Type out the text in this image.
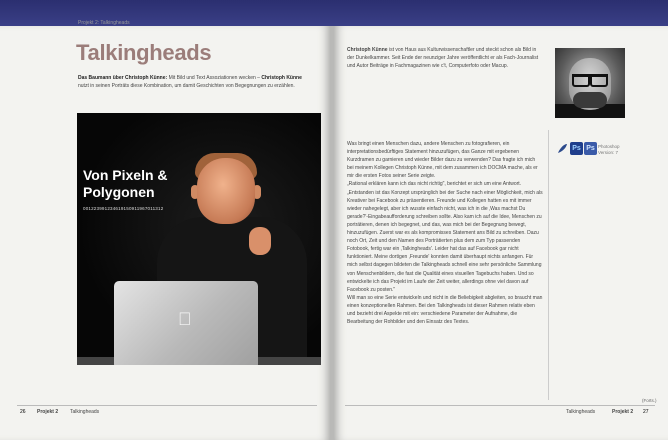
Projekt 2: Talkingheads
Talkingheads
Das Baumann über Christoph Künne: Mit Bild und Text Assoziationen wecken – Christoph Künne nutzt in seinen Porträts diese Kombination, um damit Geschichten von Begegnungen zu erzählen.
Von Pixeln &
Polygonen
001223991234619150911967011312
26 Projekt 2 Talkingheads
Christoph Künne ist von Haus aus Kulturwissenschaftler und steckt schon als Bild in der Dunkelkammer. Seit Ende der neunziger Jahre veröffentlicht er als Fach-Journalist und Autor Beiträge in Fachmagazinen wie c't, Computerfoto oder Macup.

Was bringt einen Menschen dazu, andere Menschen zu fotografieren, ein interpretationsbedürftiges Statement hinzuzufügen, das Ganze mit ergebenen Kurzdramen zu garnieren und wieder Bilder dazu zu verwenden? Das fragte ich mich bei meinem Kollegen Christoph Künne, mit dem zusammen ich DOCMA mache, als er mir die ersten Fotos seiner Serie zeigte.

„Rational erklären kann ich das nicht richtig", berichtet er sich um eine Antwort. „Entstanden ist das Konzept ursprünglich bei der Suche nach einer Möglichkeit, mich als Kreativer bei Facebook zu präsentieren. Freunde und Kollegen hatten es mit immer wieder nahegelegt, aber ich wusste einfach nicht, was ich in die ‚Was machst Du gerade?'-Eingabeaufforderung schreiben sollte. Also kam ich auf die Idee, Menschen zu porträtieren, denen ich begegnet, und das, was mich bei der Begegnung bewegt, hinzuzufügen. Zuerst war es als kompromisses Statement ans Bild zu schreiben. Dazu noch Ort, Zeit und den Namen des Porträtierten plus dem zum Typ passenden Fotobook, fertig war ein ‚Talkingheads'. Leider hat das auf Facebook gar nicht funktioniert. Meine dortigen ‚Freunde' konnten damit überhaupt nichts anfangen. Für mich selbst dagegen bildeten die Talkingheads schnell eine sehr persönliche Sammlung von Menschenbildern, die fast die Qualität eines visuellen Tagebuchs haben. Und so entwickelte ich das Projekt im Laufe der Zeit weiter, allerdings ohne viel davon auf Facebook zu posten."

Will man so eine Serie entwickeln und nicht in die Beliebigkeit abgleiten, so braucht man einen konzeptionellen Rahmen. Bei den Talkingheads ist dieser Rahmen relativ eben und bezieht drei Aspekte mit ein: verschiedene Parameter der Aufnahme, die Bearbeitung der Rohbilder und den Einsatz des Textes.

Ps Ps Photoshop
Version: 7
(Forts.)
Talkingheads	Projekt 2 27
